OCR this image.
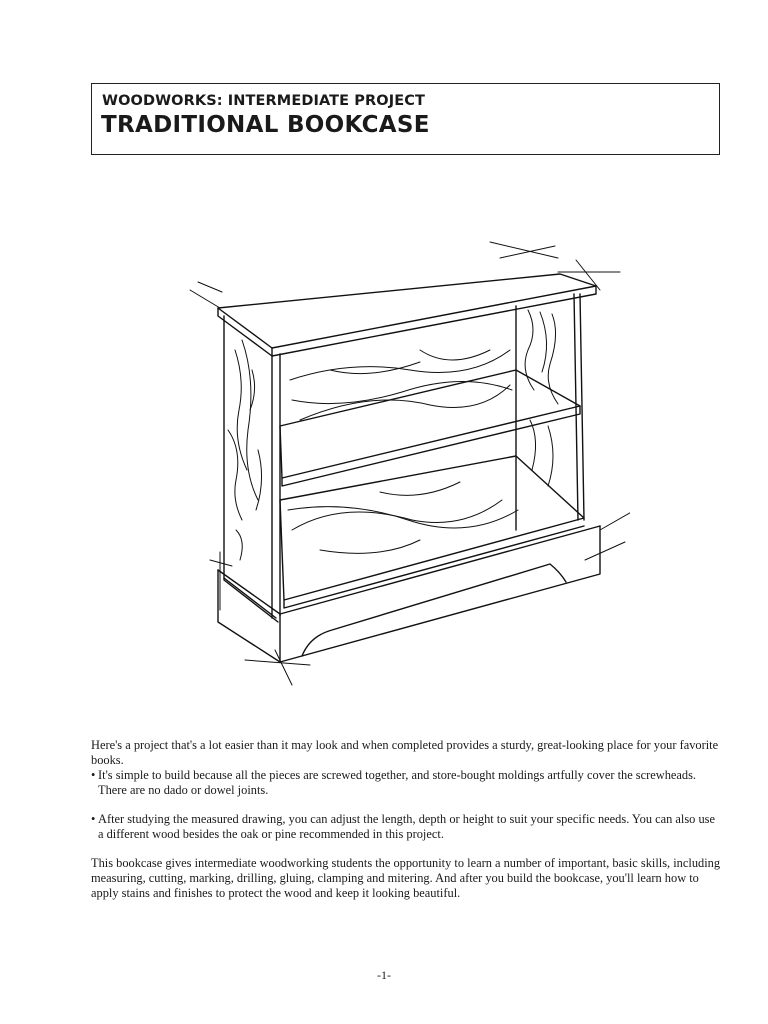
WOODWORKS: INTERMEDIATE PROJECT
TRADITIONAL BOOKCASE

Here's a project that's a lot easier than it may look and when completed provides a sturdy, great-looking place for your favorite books.

• It's simple to build because all the pieces are screwed together, and store-bought moldings artfully cover the screwheads. There are no dado or dowel joints.
• After studying the measured drawing, you can adjust the length, depth or height to suit your specific needs. You can also use a different wood besides the oak or pine recommended in this project.

This bookcase gives intermediate woodworking students the opportunity to learn a number of important, basic skills, including measuring, cutting, marking, drilling, gluing, clamping and mitering. And after you build the bookcase, you'll learn how to apply stains and finishes to protect the wood and keep it looking beautiful.

-1-
